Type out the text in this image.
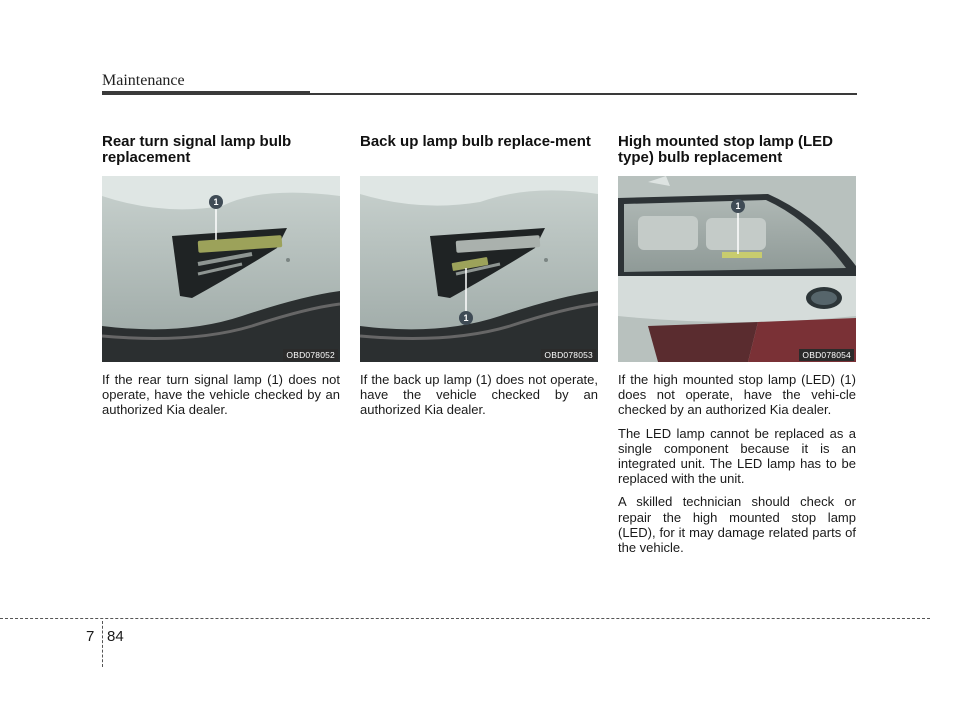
Maintenance
Rear turn signal lamp bulb replacement
1
OBD078052

If the rear turn signal lamp (1) does not operate, have the vehicle checked by an authorized Kia dealer.

Back up lamp bulb replace-ment
1
OBD078053

If the back up lamp (1) does not operate, have the vehicle checked by an authorized Kia dealer.

High mounted stop lamp (LED type) bulb replacement
1
OBD078054

If the high mounted stop lamp (LED) (1) does not operate, have the vehi-cle checked by an authorized Kia dealer.

The LED lamp cannot be replaced as a single component because it is an integrated unit. The LED lamp has to be replaced with the unit.

A skilled technician should check or repair the high mounted stop lamp (LED), for it may damage related parts of the vehicle.

7 84
